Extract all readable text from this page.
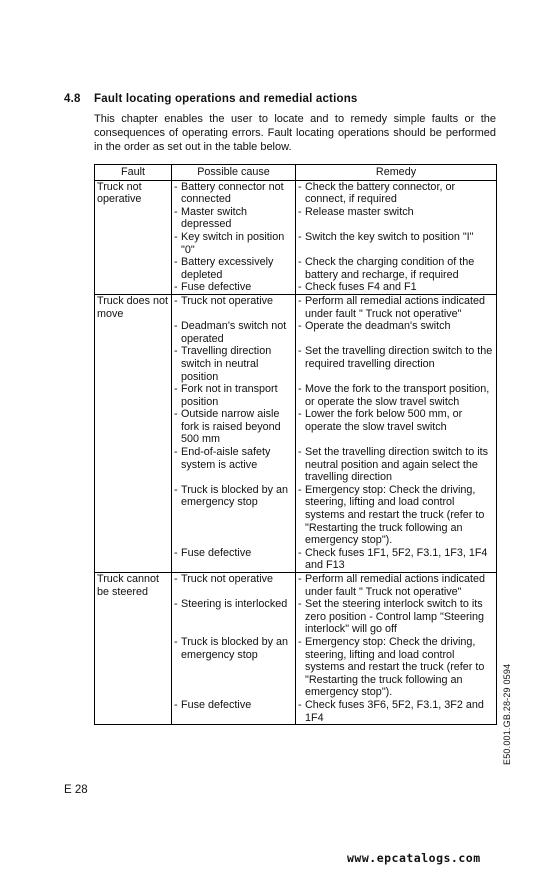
4.8 Fault locating operations and remedial actions
This chapter enables the user to locate and to remedy simple faults or the consequences of operating errors. Fault locating operations should be performed in the order as set out in the table below.
Fault	Possible cause	Remedy
Truck not operative	- Battery connector not connected	- Check the battery connector, or connect, if required

	- Master switch depressed	- Release master switch

	- Key switch in position "0"	- Switch the key switch to position "I"

	- Battery excessively depleted	- Check the charging condition of the battery and recharge, if required

	- Fuse defective	- Check fuses F4 and F1

Truck does not move	- Truck not operative	- Perform all remedial actions indicated under fault " Truck not operative"

	- Deadman's switch not operated	- Operate the deadman's switch

	- Travelling direction switch in neutral position	- Set the travelling direction switch to the required travelling direction

	- Fork not in transport position	- Move the fork to the transport position, or operate the slow travel switch

	- Outside narrow aisle fork is raised beyond 500 mm	- Lower the fork below 500 mm, or operate the slow travel switch

	- End-of-aisle safety system is active	- Set the travelling direction switch to its neutral position and again select the travelling direction

	- Truck is blocked by an emergency stop	- Emergency stop: Check the driving, steering, lifting and load control systems and restart the truck (refer to "Restarting the truck following an emergency stop").

	- Fuse defective	- Check fuses 1F1, 5F2, F3.1, 1F3, 1F4 and F13

Truck cannot be steered	- Truck not operative	- Perform all remedial actions indicated under fault " Truck not operative"

	- Steering is interlocked	- Set the steering interlock switch to its zero position - Control lamp "Steering interlock" will go off

	- Truck is blocked by an emergency stop	- Emergency stop: Check the driving, steering, lifting and load control systems and restart the truck (refer to "Restarting the truck following an emergency stop").

	- Fuse defective	- Check fuses 3F6, 5F2, F3.1, 3F2 and 1F4	E50.001.GB.28-29 0594
E 28
www.epcatalogs.com
